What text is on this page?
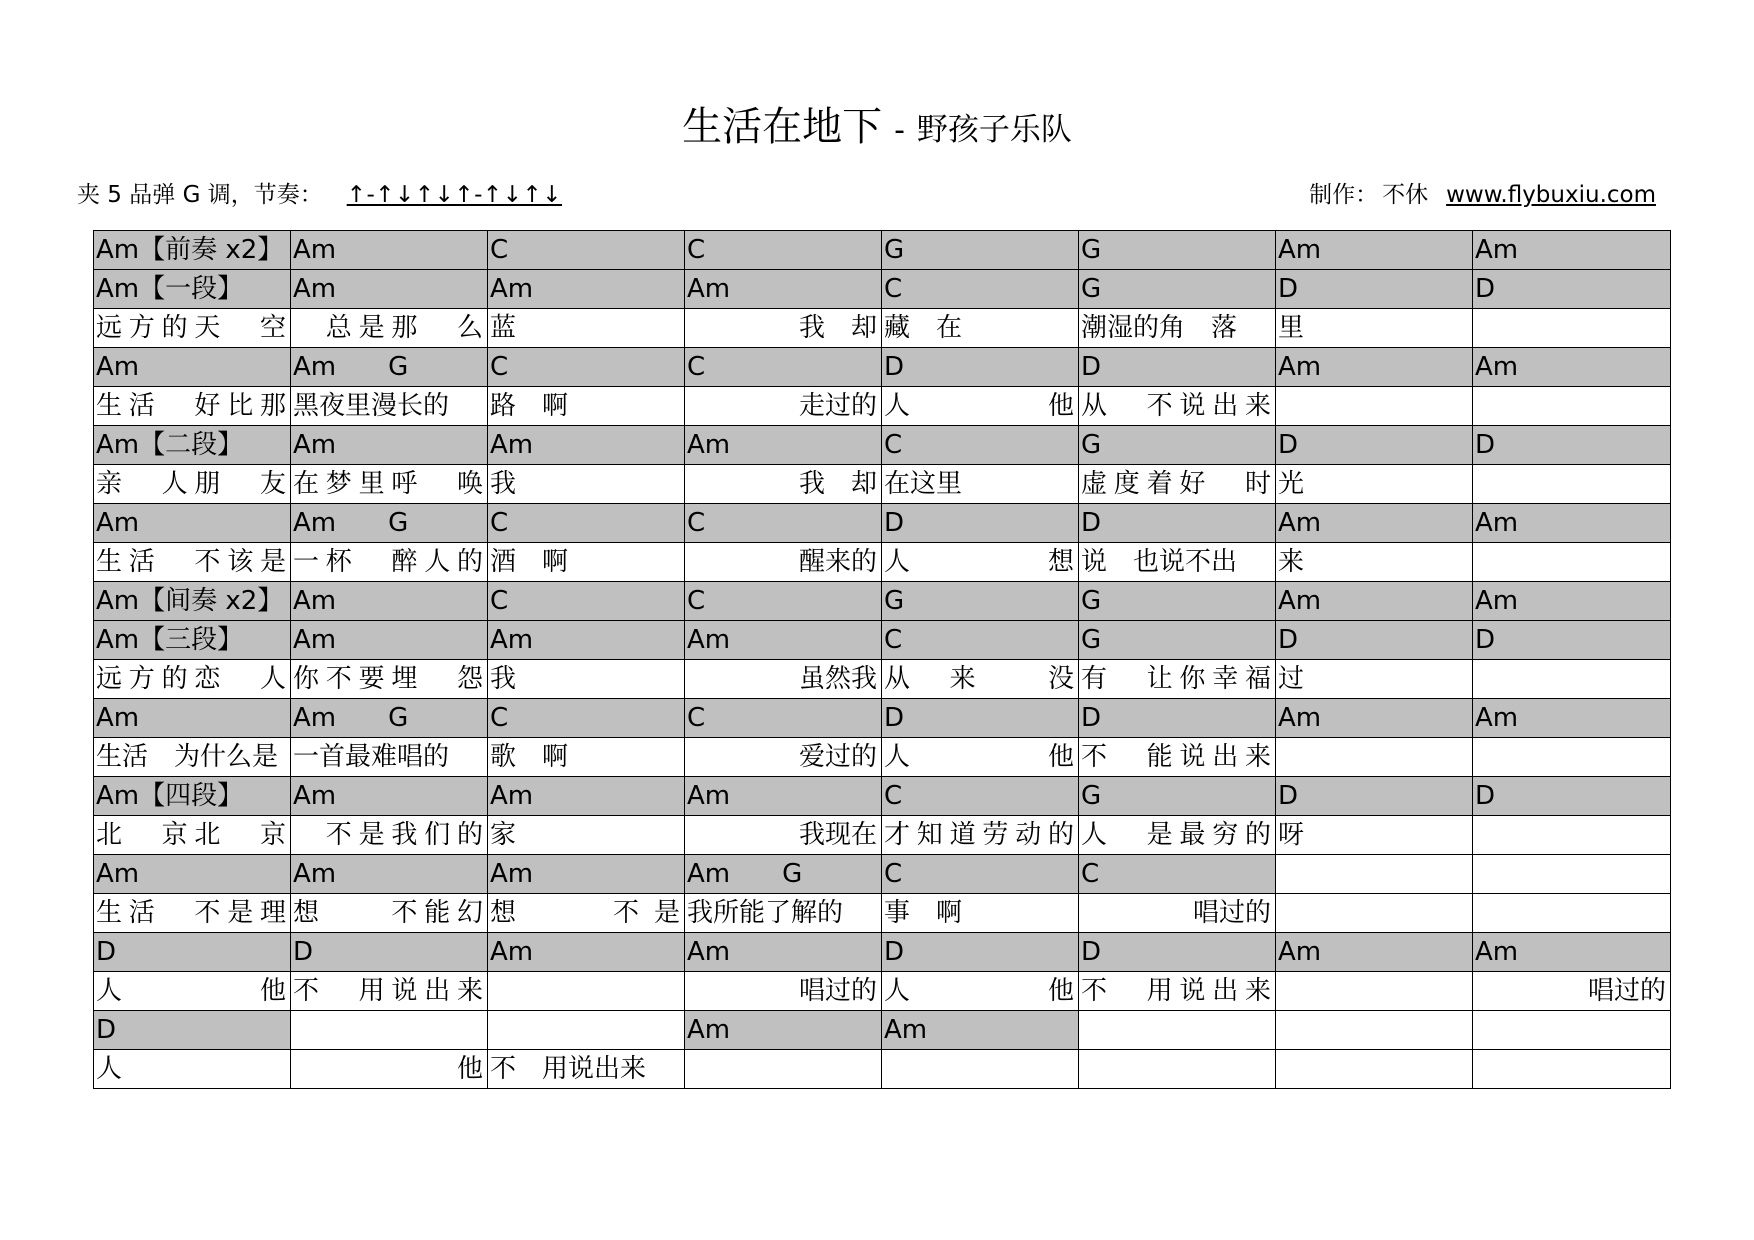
生活在地下 - 野孩子乐队
夹 5 品弹 G 调，节奏： ↑-↑↓↑↓↑-↑↓↑↓	制作： 不休 www.flybuxiu.com
Am【前奏 x2】	Am	C	C	G	G	Am	Am
Am【一段】	Am	Am	Am	C	G	D	D
远方的天　空	　总是那　么	蓝	我　却	藏　在	潮湿的角　落	里	
Am	Am　　G	C	C	D	D	Am	Am
生活　好比那	黑夜里漫长的	路　啊	走过的	人　　　　他	从　不说出来		
Am【二段】	Am	Am	Am	C	G	D	D
亲　人朋　友	在梦里呼　唤	我	我　却	在这里	虚度着好　时	光	
Am	Am　　G	C	C	D	D	Am	Am
生活　不该是	一杯　醉人的	酒　啊	醒来的	人　　　　想	说　也说不出	来	
Am【间奏 x2】	Am	C	C	G	G	Am	Am
Am【三段】	Am	Am	Am	C	G	D	D
远方的恋　人	你不要埋　怨	我	虽然我	从　来　　没	有　让你幸福	过	
Am	Am　　G	C	C	D	D	Am	Am
生活　为什么是	一首最难唱的	歌　啊	爱过的	人　　　　他	不　能说出来		
Am【四段】	Am	Am	Am	C	G	D	D
北　京北　京	　不是我们的	家	我现在	才知道劳动的	人　是最穷的	呀	
Am	Am	Am	Am　　G	C	C		
生活　不是理	想　　不能幻	想　　不是	我所能了解的	事　啊	唱过的		
D	D	Am	Am	D	D	Am	Am
人　　　　他	不　用说出来		唱过的	人　　　　他	不　用说出来		唱过的
D			Am	Am			
人	他	不　用说出来					
